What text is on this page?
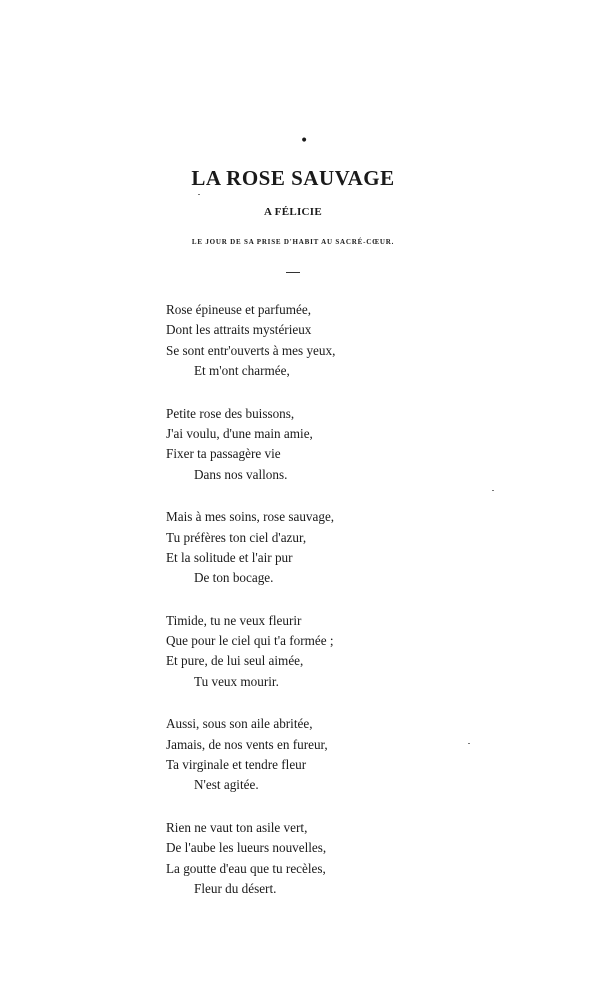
•
LA ROSE SAUVAGE
A FÉLICIE
LE JOUR DE SA PRISE D'HABIT AU SACRÉ-CŒUR.
Rose épineuse et parfumée,
Dont les attraits mystérieux
Se sont entr'ouverts à mes yeux,
Et m'ont charmée,
Petite rose des buissons,
J'ai voulu, d'une main amie,
Fixer ta passagère vie
Dans nos vallons.
Mais à mes soins, rose sauvage,
Tu préfères ton ciel d'azur,
Et la solitude et l'air pur
De ton bocage.
Timide, tu ne veux fleurir
Que pour le ciel qui t'a formée ;
Et pure, de lui seul aimée,
Tu veux mourir.
Aussi, sous son aile abritée,
Jamais, de nos vents en fureur,
Ta virginale et tendre fleur
N'est agitée.
Rien ne vaut ton asile vert,
De l'aube les lueurs nouvelles,
La goutte d'eau que tu recèles,
Fleur du désert.
